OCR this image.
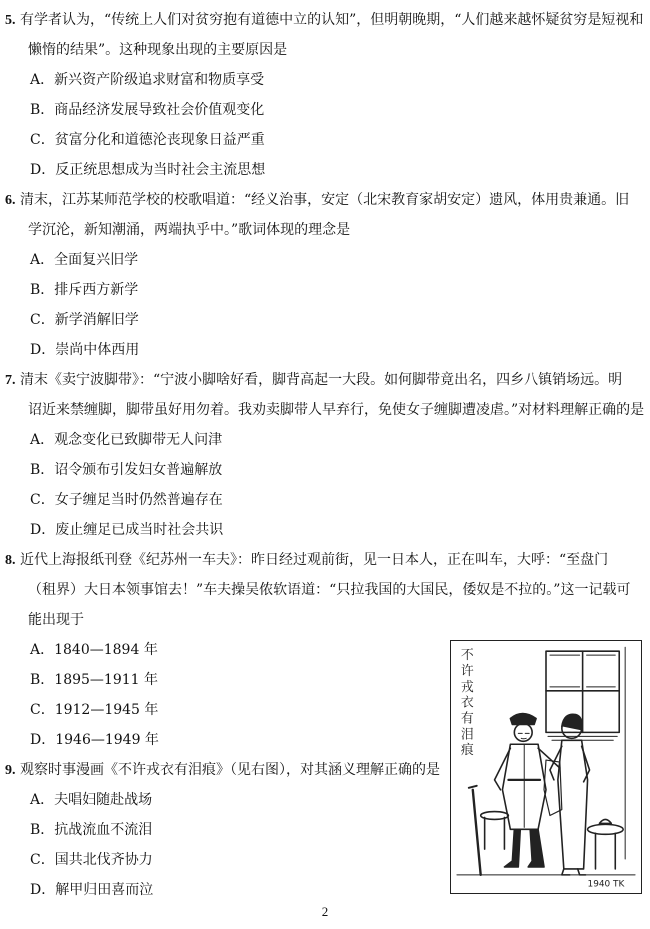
5. 有学者认为，“传统上人们对贫穷抱有道德中立的认知”，但明朝晚期，“人们越来越怀疑贫穷是短视和
懒惰的结果”。这种现象出现的主要原因是
A．新兴资产阶级追求财富和物质享受
B．商品经济发展导致社会价值观变化
C．贫富分化和道德沦丧现象日益严重
D．反正统思想成为当时社会主流思想
6. 清末，江苏某师范学校的校歌唱道：“经义治事，安定（北宋教育家胡安定）遗风，体用贵兼通。旧
学沉沦，新知潮涌，两端执乎中。”歌词体现的理念是
A．全面复兴旧学
B．排斥西方新学
C．新学消解旧学
D．崇尚中体西用
7. 清末《卖宁波脚带》：“宁波小脚啥好看，脚背高起一大段。如何脚带竟出名，四乡八镇销场远。明
诏近来禁缠脚，脚带虽好用勿着。我劝卖脚带人早弃行，免使女子缠脚遭凌虐。”对材料理解正确的是
A．观念变化已致脚带无人问津
B．诏令颁布引发妇女普遍解放
C．女子缠足当时仍然普遍存在
D．废止缠足已成当时社会共识
8. 近代上海报纸刊登《纪苏州一车夫》：昨日经过观前街，见一日本人，正在叫车，大呼：“至盘门
（租界）大日本领事馆去！”车夫操吴侬软语道：“只拉我国的大国民，倭奴是不拉的。”这一记载可
能出现于
A．1840—1894 年
B．1895—1911 年
C．1912—1945 年
D．1946—1949 年
9. 观察时事漫画《不许戎衣有泪痕》（见右图），对其涵义理解正确的是
A．夫唱妇随赴战场
B．抗战流血不流泪
C．国共北伐齐协力
D．解甲归田喜而泣
不
许
戎
衣
有
泪
痕
1940 TK
2
